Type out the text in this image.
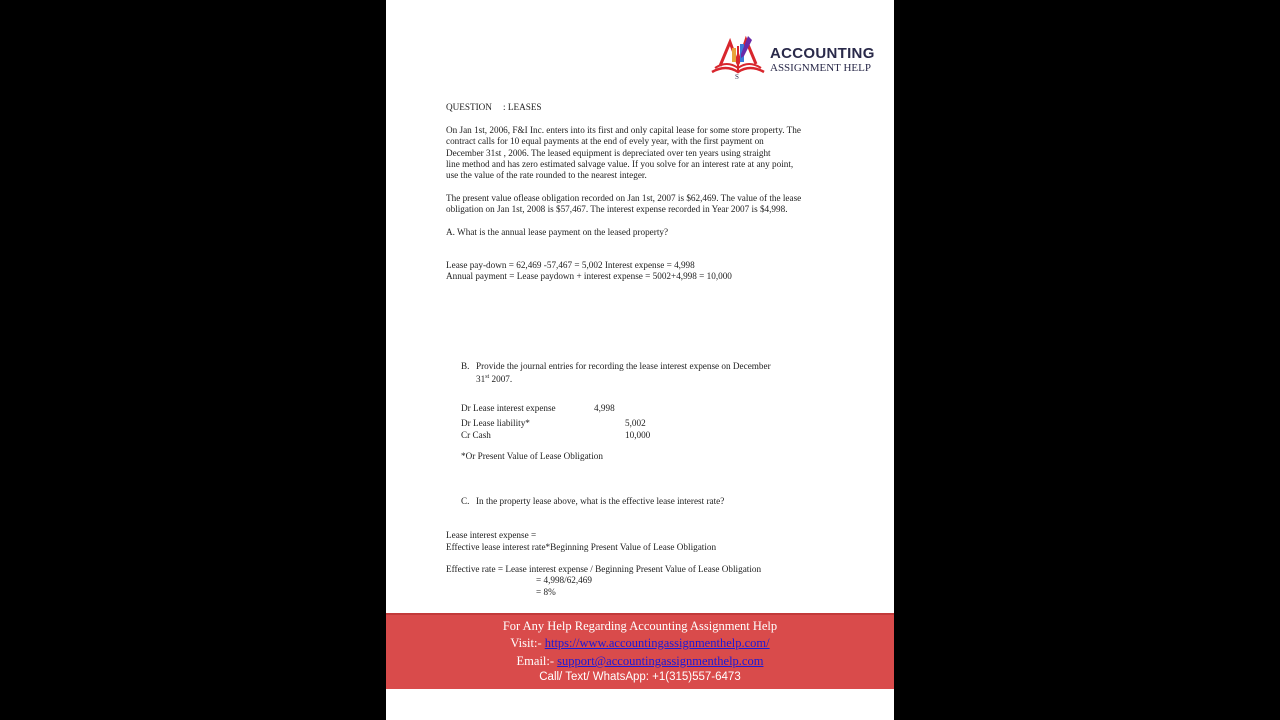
S
ACCOUNTING
ASSIGNMENT HELP
QUESTION : LEASES
On Jan 1st, 2006, F&I Inc. enters into its first and only capital lease for some store property. The
contract calls for 10 equal payments at the end of evely year, with the first payment on
December 31st , 2006. The leased equipment is depreciated over ten years using straight
line method and has zero estimated salvage value. If you solve for an interest rate at any point,
use the value of the rate rounded to the nearest integer.
The present value oflease obligation recorded on Jan 1st, 2007 is $62,469. The value of the lease
obligation on Jan 1st, 2008 is $57,467. The interest expense recorded in Year 2007 is $4,998.
A. What is the annual lease payment on the leased property?
Lease pay-down = 62,469 -57,467 = 5,002 Interest expense = 4,998
Annual payment = Lease paydown + interest expense = 5002+4,998 = 10,000
B. Provide the journal entries for recording the lease interest expense on December
31st 2007.
Dr Lease interest expense	4,998
Dr Lease liability*	5,002
Cr Cash	10,000
*Or Present Value of Lease Obligation
C. In the property lease above, what is the effective lease interest rate?
Lease interest expense =
Effective lease interest rate*Beginning Present Value of Lease Obligation
Effective rate = Lease interest expense / Beginning Present Value of Lease Obligation
= 4,998/62,469
= 8%
For Any Help Regarding Accounting Assignment Help
Visit:- https://www.accountingassignmenthelp.com/
Email:- support@accountingassignmenthelp.com
Call/ Text/ WhatsApp: +1(315)557-6473
